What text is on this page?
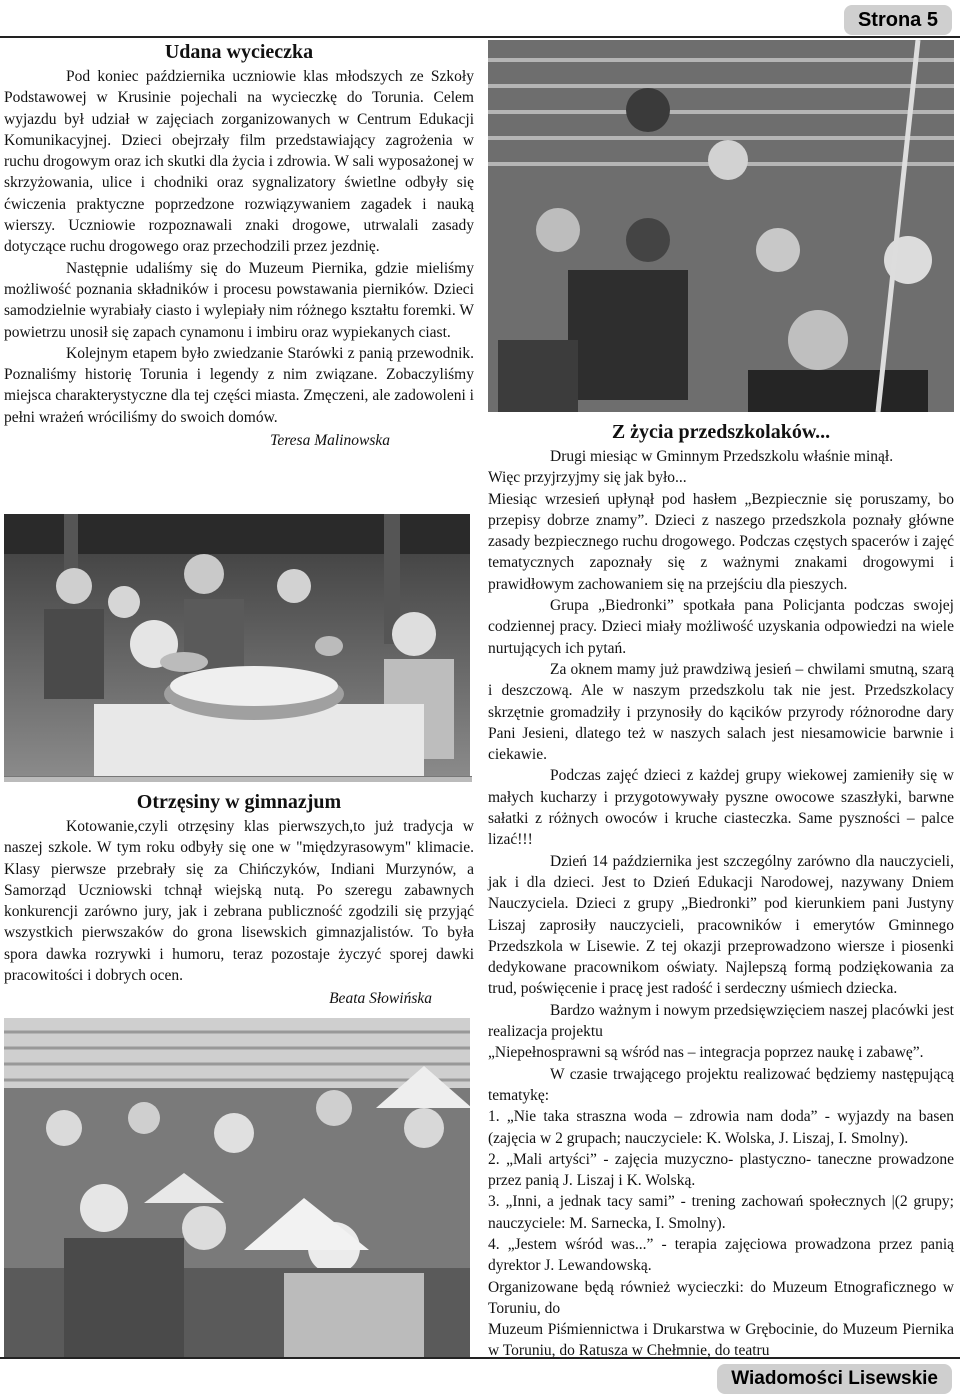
Strona 5
Udana wycieczka

Pod koniec października uczniowie klas młodszych ze Szkoły Podstawowej w Krusinie pojechali na wycieczkę do Torunia. Celem wyjazdu był udział w zajęciach zorganizowanych w Centrum Edukacji Komunikacyjnej. Dzieci obejrzały film przedstawiający zagrożenia w ruchu drogowym oraz ich skutki dla życia i zdrowia. W sali wyposażonej w skrzyżowania, ulice i chodniki oraz sygnalizatory świetlne odbyły się ćwiczenia praktyczne poprzedzone rozwiązywaniem zagadek i nauką wierszy. Uczniowie rozpoznawali znaki drogowe, utrwalali zasady dotyczące ruchu drogowego oraz przechodzili przez jezdnię.

Następnie udaliśmy się do Muzeum Piernika, gdzie mieliśmy możliwość poznania składników i procesu powstawania pierników. Dzieci samodzielnie wyrabiały ciasto i wylepiały nim różnego kształtu foremki. W powietrzu unosił się zapach cynamonu i imbiru oraz wypiekanych ciast.

Kolejnym etapem było zwiedzanie Starówki z panią przewodnik. Poznaliśmy historię Torunia i legendy z nim związane. Zobaczyliśmy miejsca charakterystyczne dla tej części miasta. Zmęczeni, ale zadowoleni i pełni wrażeń wróciliśmy do swoich domów.

Teresa Malinowska
Otrzęsiny w gimnazjum

Kotowanie,czyli otrzęsiny klas pierwszych,to już tradycja w naszej szkole. W tym roku odbyły się one w "międzyrasowym" klimacie. Klasy pierwsze przebrały się za Chińczyków, Indiani Murzynów, a Samorząd Uczniowski tchnął wiejską nutą. Po szeregu zabawnych konkurencji zarówno jury, jak i zebrana publiczność zgodzili się przyjąć wszystkich pierwszaków do grona lisewskich gimnazjalistów. To była spora dawka rozrywki i humoru, teraz pozostaje życzyć sporej dawki pracowitości i dobrych ocen.

Beata Słowińska
Z życia przedszkolaków...

Drugi miesiąc w Gminnym Przedszkolu właśnie minął.

Więc przyjrzyjmy się jak było...

Miesiąc wrzesień upłynął pod hasłem „Bezpiecznie się poruszamy, bo przepisy dobrze znamy”. Dzieci z naszego przedszkola poznały główne zasady bezpiecznego ruchu drogowego. Podczas częstych spacerów i zajęć tematycznych zapoznały się z ważnymi znakami drogowymi i prawidłowym zachowaniem się na przejściu dla pieszych.

Grupa „Biedronki” spotkała pana Policjanta podczas swojej codziennej pracy. Dzieci miały możliwość uzyskania odpowiedzi na wiele nurtujących ich pytań.

Za oknem mamy już prawdziwą jesień – chwilami smutną, szarą i deszczową. Ale w naszym przedszkolu tak nie jest. Przedszkolacy skrzętnie gromadziły i przynosiły do kącików przyrody różnorodne dary Pani Jesieni, dlatego też w naszych salach jest niesamowicie barwnie i ciekawie.

Podczas zajęć dzieci z każdej grupy wiekowej zamieniły się w małych kucharzy i przygotowywały pyszne owocowe szaszłyki, barwne sałatki z różnych owoców i kruche ciasteczka. Same pyszności – palce lizać!!!

Dzień 14 października jest szczególny zarówno dla nauczycieli, jak i dla dzieci. Jest to Dzień Edukacji Narodowej, nazywany Dniem Nauczyciela. Dzieci z grupy „Biedronki” pod kierunkiem pani Justyny Liszaj zaprosiły nauczycieli, pracowników i emerytów Gminnego Przedszkola w Lisewie. Z tej okazji przeprowadzono wiersze i piosenki dedykowane pracownikom oświaty. Najlepszą formą podziękowania za trud, poświęcenie i pracę jest radość i serdeczny uśmiech dziecka.

Bardzo ważnym i nowym przedsięwzięciem naszej placówki jest realizacja projektu

„Niepełnosprawni są wśród nas – integracja poprzez naukę i zabawę”.

W czasie trwającego projektu realizować będziemy następującą tematykę:

1. „Nie taka straszna woda – zdrowia nam doda” - wyjazdy na basen (zajęcia w 2 grupach; nauczyciele: K. Wolska, J. Liszaj, I. Smolny).

2. „Mali artyści” - zajęcia muzyczno- plastyczno- taneczne prowadzone przez panią J. Liszaj i K. Wolską.

3. „Inni, a jednak tacy sami” - trening zachowań społecznych |(2 grupy; nauczyciele: M. Sarnecka, I. Smolny).

4. „Jestem wśród was...” - terapia zajęciowa prowadzona przez panią dyrektor J. Lewandowską.

Organizowane będą również wycieczki: do Muzeum Etnograficznego w Toruniu, do

Muzeum Piśmiennictwa i Drukarstwa w Grębocinie, do Muzeum Piernika w Toruniu, do Ratusza w Chełmnie, do teatru

Wiadomości Lisewskie
